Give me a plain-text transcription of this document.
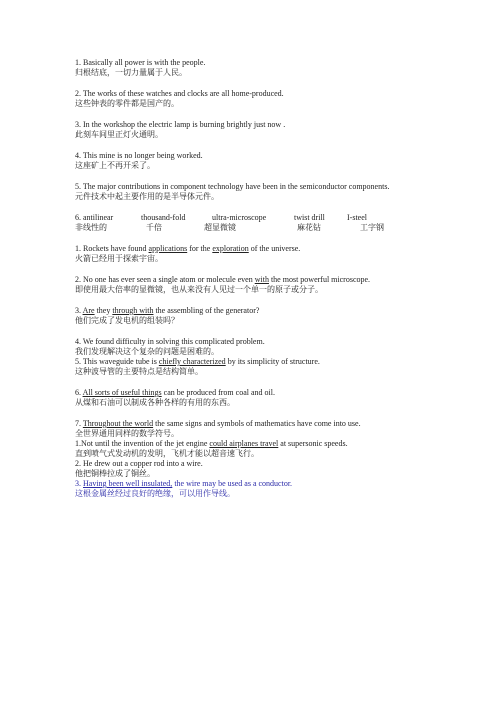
1. Basically all power is with the people.
归根结底，一切力量属于人民。
2. The works of these watches and clocks are all home-produced.
这些钟表的零件都是国产的。
3. In the workshop the electric lamp is burning brightly just now .
此刻车间里正灯火通明。
4. This mine is no longer being worked.
这座矿上不再开采了。
5. The major contributions in component technology have been in the semiconductor components.
元件技术中起主要作用的是半导体元件。
6. antilinear	thousand-fold	ultra-microscope	twist drill	I-steel
非线性的	千倍	超显微镜	麻花钻	工字钢
1. Rockets have found applications for the exploration of the universe.
火箭已经用于探索宇宙。
2. No one has ever seen a single atom or molecule even with the most powerful microscope.
即使用最大倍率的显微镜，也从来没有人见过一个单一的原子或分子。
3. Are they through with the assembling of the generator?
他们完成了发电机的组装吗？
4. We found difficulty in solving this complicated problem.
我们发现解决这个复杂的问题是困难的。
5. This waveguide tube is chiefly characterized by its simplicity of structure.
这种波导管的主要特点是结构简单。
6. All sorts of useful things can be produced from coal and oil.
从煤和石油可以制成各种各样的有用的东西。
7. Throughout the world the same signs and symbols of mathematics have come into use.
全世界通用同样的数学符号。
1.Not until the invention of the jet engine could airplanes travel at supersonic speeds.
直到喷气式发动机的发明，飞机才能以超音速飞行。
2. He drew out a copper rod into a wire.
他把铜棒拉成了铜丝。
3. Having been well insulated, the wire may be used as a conductor.
这根金属丝经过良好的绝缘，可以用作导线。
